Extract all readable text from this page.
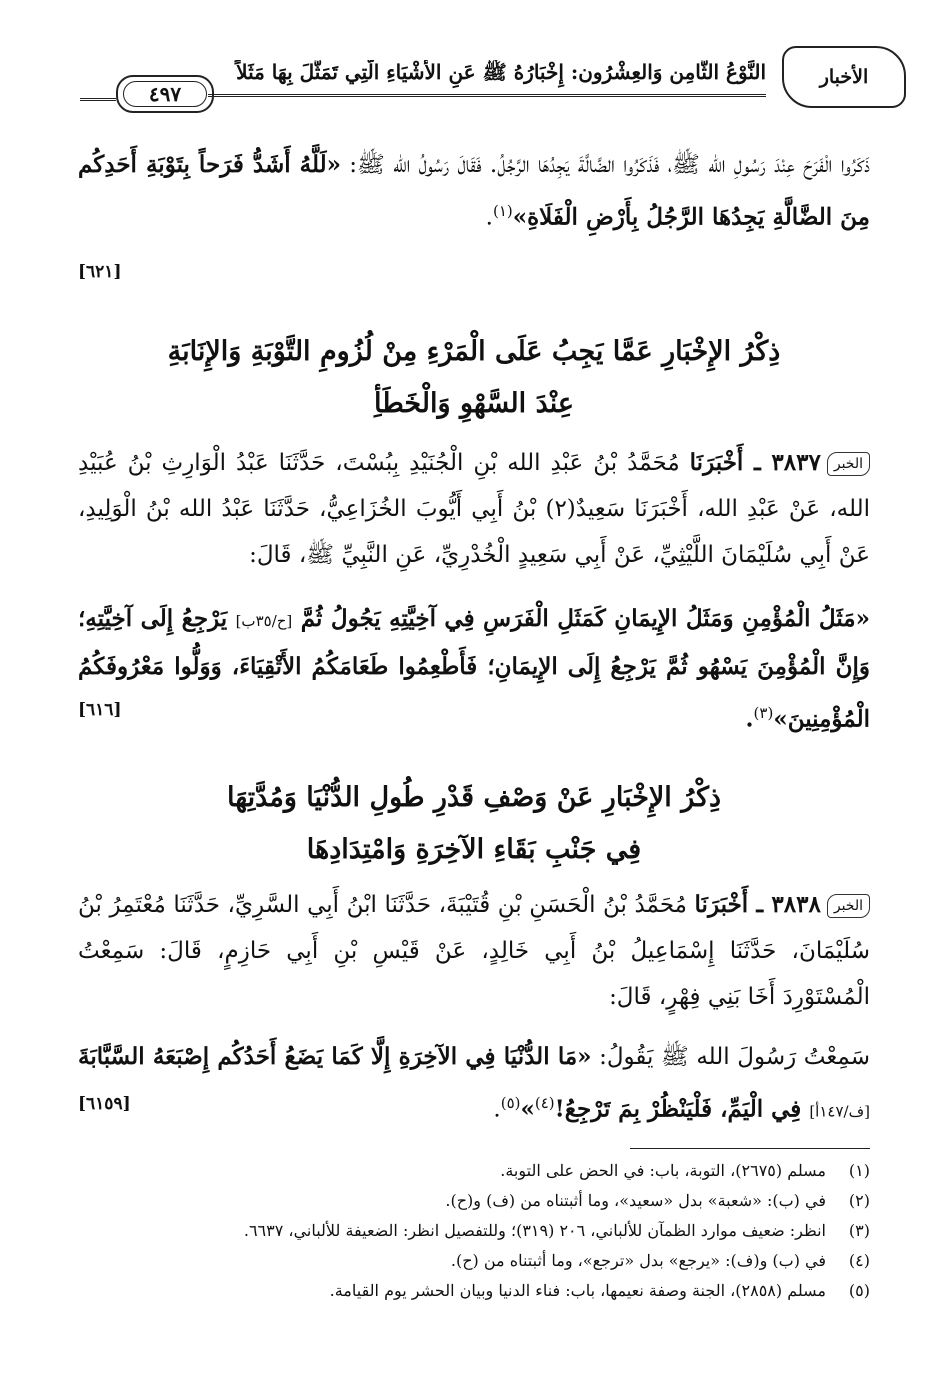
الأخبار
النَّوْعُ الثَّامِن وَالعِشْرُون: إِخْبَارُهُ ﷺ عَنِ الأَشْيَاءِ الَّتِي تَمَثَّلَ بِهَا مَثَلاً
٤٩٧
ذَكَرُوا الْفَرَحَ عِنْدَ رَسُولِ الله ﷺ، فَذَكَرُوا الضَّالَّةَ يَجِدُهَا الرَّجُلُ. فَقَالَ رَسُولُ الله ﷺ: «لَلَّهُ أَشَدُّ فَرَحاً بِتَوْبَةِ أَحَدِكُم مِنَ الضَّالَّةِ يَجِدُهَا الرَّجُلُ بِأَرْضِ الْفَلَاةِ»$^{(١)}$.
[٦٢١]
ذِكْرُ الإِخْبَارِ عَمَّا يَجِبُ عَلَى الْمَرْءِ مِنْ لُزُومِ التَّوْبَةِ وَالإِنَابَةِ
عِنْدَ السَّهْوِ وَالْخَطَأِ
الخبر٣٨٣٧ ـ أَخْبَرَنَا مُحَمَّدُ بْنُ عَبْدِ الله بْنِ الْجُنَيْدِ بِبُسْتَ، حَدَّثَنَا عَبْدُ الْوَارِثِ بْنُ عُبَيْدِ الله، عَنْ عَبْدِ الله، أَخْبَرَنَا سَعِيدٌ(٢) بْنُ أَبِي أَيُّوبَ الخُزَاعِيُّ، حَدَّثَنَا عَبْدُ الله بْنُ الْوَلِيدِ، عَنْ أَبِي سُلَيْمَانَ اللَّيْثِيِّ، عَنْ أَبِي سَعِيدٍ الْخُدْرِيِّ، عَنِ النَّبِيِّ ﷺ، قَالَ:
«مَثَلُ الْمُؤْمِنِ وَمَثَلُ الإِيمَانِ كَمَثَلِ الْفَرَسِ فِي آخِيَّتِهِ يَجُولُ ثُمَّ [ح/٣٥ب] يَرْجِعُ إِلَى آخِيَّتِهِ؛ وَإِنَّ الْمُؤْمِنَ يَسْهُو ثُمَّ يَرْجِعُ إِلَى الإِيمَانِ؛ فَأَطْعِمُوا طَعَامَكُمُ الأَتْقِيَاءَ، وَوَلُّوا مَعْرُوفَكُمُ الْمُؤْمِنِينَ»$^{(٣)}$.
[٦١٦]
ذِكْرُ الإِخْبَارِ عَنْ وَصْفِ قَدْرِ طُولِ الدُّنْيَا وَمُدَّتِهَا
فِي جَنْبِ بَقَاءِ الآخِرَةِ وَامْتِدَادِهَا
الخبر٣٨٣٨ ـ أَخْبَرَنَا مُحَمَّدُ بْنُ الْحَسَنِ بْنِ قُتَيْبَةَ، حَدَّثَنَا ابْنُ أَبِي السَّرِيِّ، حَدَّثَنَا مُعْتَمِرُ بْنُ سُلَيْمَانَ، حَدَّثَنَا إِسْمَاعِيلُ بْنُ أَبِي خَالِدٍ، عَنْ قَيْسِ بْنِ أَبِي حَازِمٍ، قَالَ: سَمِعْتُ الْمُسْتَوْرِدَ أَخَا بَنِي فِهْرٍ، قَالَ:
سَمِعْتُ رَسُولَ الله ﷺ يَقُولُ: «مَا الدُّنْيَا فِي الآخِرَةِ إِلَّا كَمَا يَضَعُ أَحَدُكُم إِصْبَعَهُ السَّبَّابَةَ [ف/١٤٧أ] فِي الْيَمِّ، فَلْيَنْظُرْ بِمَ تَرْجِعُ!$^{(٤)}$»$^{(٥)}$.
[٦١٥٩]
(١)
مسلم (٢٦٧٥)، التوبة، باب: في الحض على التوبة.
(٢)
في (ب): «شعبة» بدل «سعيد»، وما أثبتناه من (ف) و(ح).
(٣)
انظر: ضعيف موارد الظمآن للألباني، ٢٠٦ (٣١٩)؛ وللتفصيل انظر: الضعيفة للألباني، ٦٦٣٧.
(٤)
في (ب) و(ف): «يرجع» بدل «ترجع»، وما أثبتناه من (ح).
(٥)
مسلم (٢٨٥٨)، الجنة وصفة نعيمها، باب: فناء الدنيا وبيان الحشر يوم القيامة.
